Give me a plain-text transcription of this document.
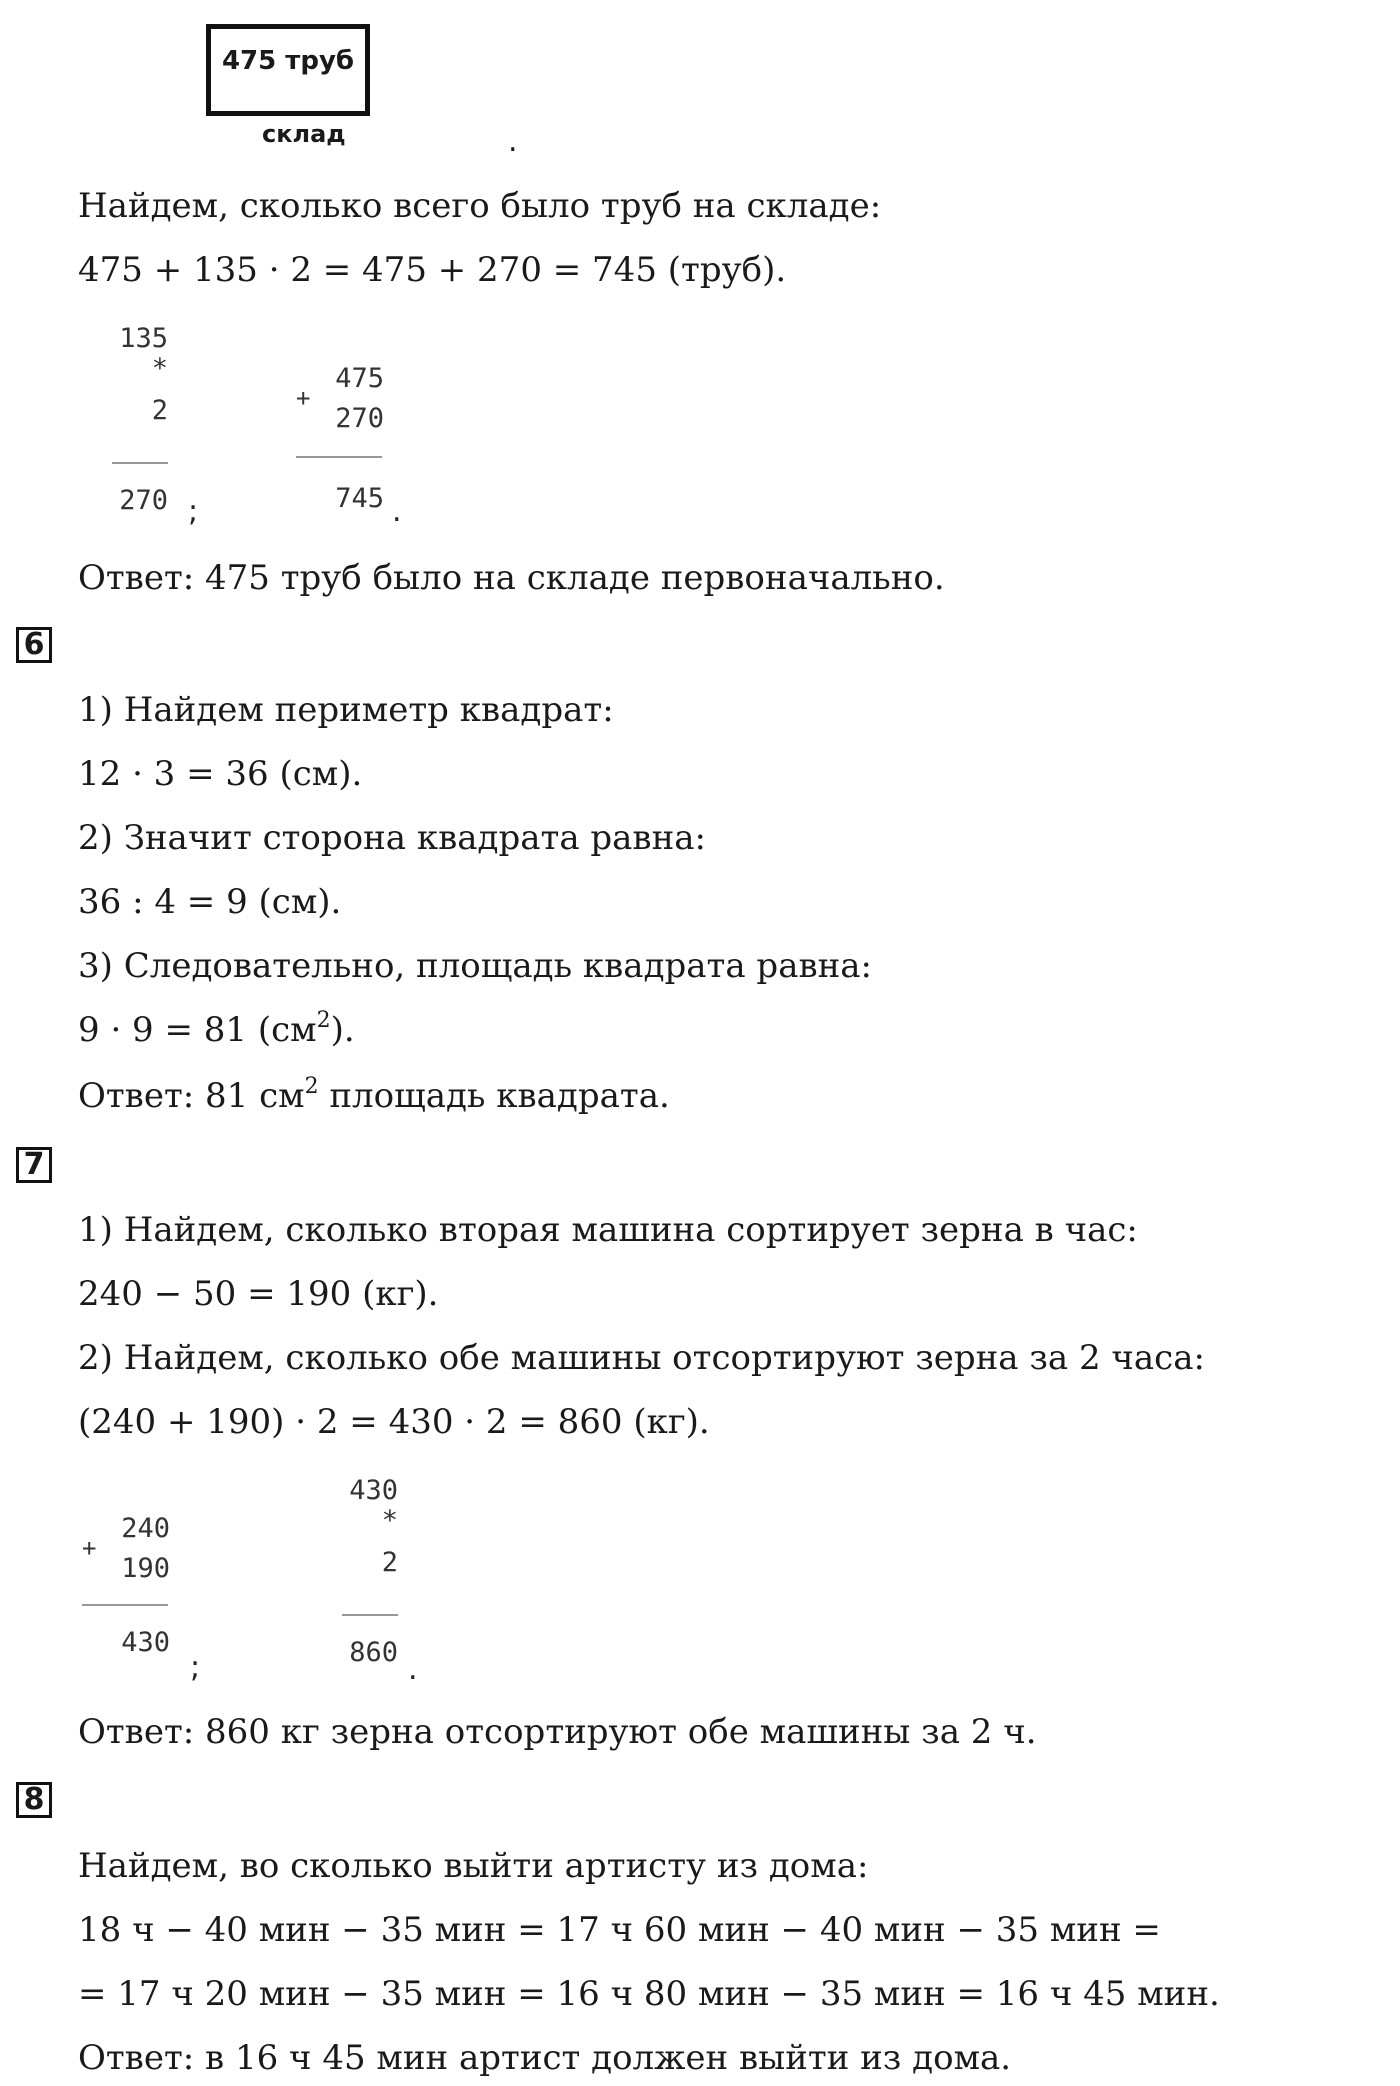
475 труб
склад	.

Найдем, сколько всего было труб на складе:

475 + 135 · 2 = 475 + 270 = 745 (труб).

135
*
2
270 ;
+
475
270
745 .

Ответ: 475 труб было на складе первоначально.

6

1) Найдем периметр квадрат:

12 · 3 = 36 (см).

2) Значит сторона квадрата равна:

36 : 4 = 9 (см).

3) Следовательно, площадь квадрата равна:

9 · 9 = 81 $(см^2)$.

Ответ: 81 $см^2$ площадь квадрата.

7

1) Найдем, сколько вторая машина сортирует зерна в час:

240 − 50 = 190 (кг).

2) Найдем, сколько обе машины отсортируют зерна за 2 часа:

(240 + 190) · 2 = 430 · 2 = 860 (кг).

+
240
190
430
;
430
*
2
860 .

Ответ: 860 кг зерна отсортируют обе машины за 2 ч.

8

Найдем, во сколько выйти артисту из дома:

18 ч − 40 мин − 35 мин = 17 ч 60 мин − 40 мин − 35 мин =

= 17 ч 20 мин − 35 мин = 16 ч 80 мин − 35 мин = 16 ч 45 мин.

Ответ: в 16 ч 45 мин артист должен выйти из дома.
